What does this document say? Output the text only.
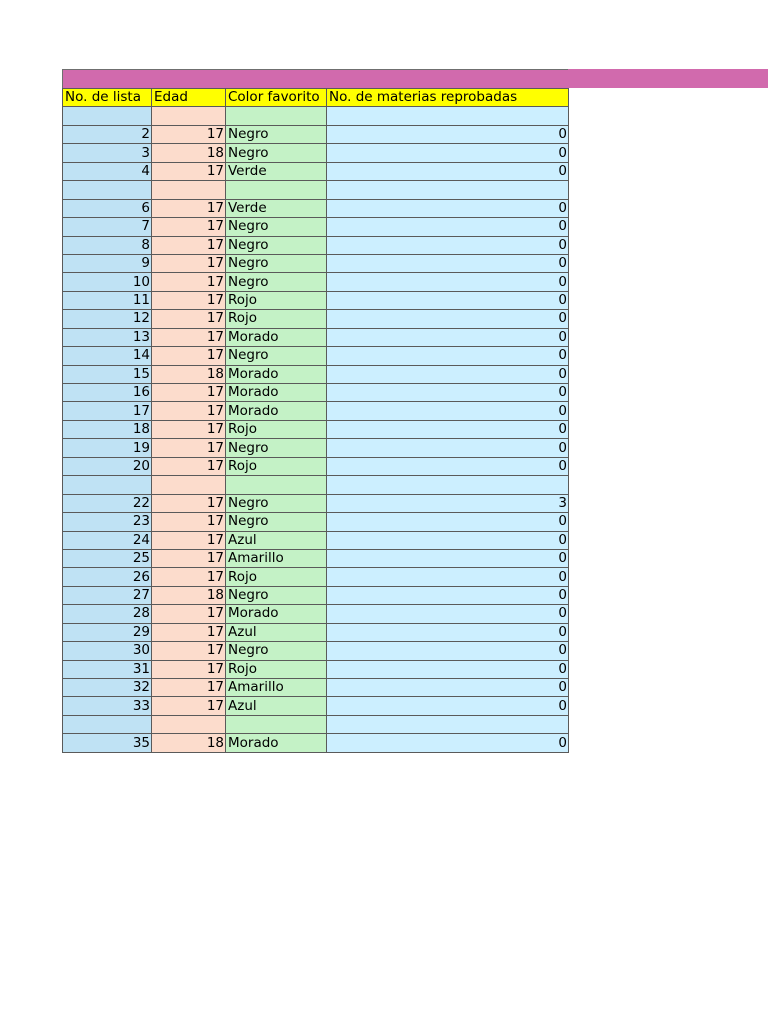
No. de lista	Edad	Color favorito	No. de materias reprobadas

2	17	Negro	0
3	18	Negro	0
4	17	Verde	0

6	17	Verde	0
7	17	Negro	0
8	17	Negro	0
9	17	Negro	0
10	17	Negro	0
11	17	Rojo	0
12	17	Rojo	0
13	17	Morado	0
14	17	Negro	0
15	18	Morado	0
16	17	Morado	0
17	17	Morado	0
18	17	Rojo	0
19	17	Negro	0
20	17	Rojo	0

22	17	Negro	3
23	17	Negro	0
24	17	Azul	0
25	17	Amarillo	0
26	17	Rojo	0
27	18	Negro	0
28	17	Morado	0
29	17	Azul	0
30	17	Negro	0
31	17	Rojo	0
32	17	Amarillo	0
33	17	Azul	0

35	18	Morado	0
